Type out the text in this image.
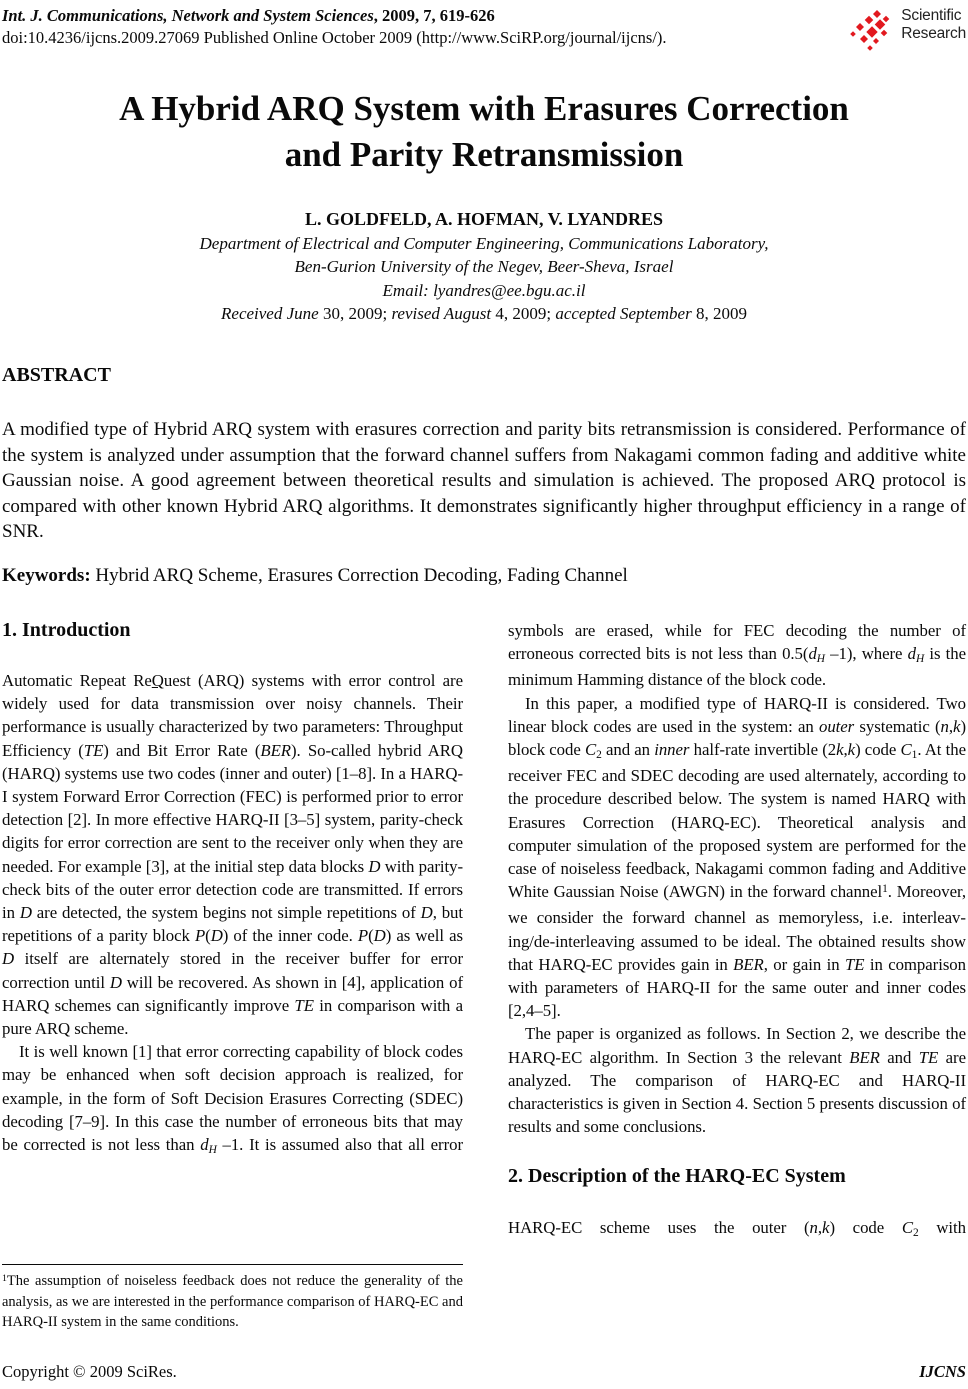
Int. J. Communications, Network and System Sciences, 2009, 7, 619-626
doi:10.4236/ijcns.2009.27069 Published Online October 2009 (http://www.SciRP.org/journal/ijcns/).
Scientific
Research
A Hybrid ARQ System with Erasures Correction
and Parity Retransmission
L. GOLDFELD, A. HOFMAN, V. LYANDRES
Department of Electrical and Computer Engineering, Communications Laboratory,
Ben-Gurion University of the Negev, Beer-Sheva, Israel
Email: lyandres@ee.bgu.ac.il
Received June 30, 2009; revised August 4, 2009; accepted September 8, 2009
ABSTRACT

A modified type of Hybrid ARQ system with erasures correction and parity bits retransmission is considered. Performance of the system is analyzed under assumption that the forward channel suffers from Nakagami common fading and additive white Gaussian noise. A good agreement between theoretical results and simulation is achieved. The proposed ARQ protocol is compared with other known Hybrid ARQ algorithms. It demonstrates significantly higher throughput efficiency in a range of SNR.

Keywords: Hybrid ARQ Scheme, Erasures Correction Decoding, Fading Channel

1. Introduction

Automatic Repeat ReQuest (ARQ) systems with error control are widely used for data transmission over noisy channels. Their performance is usually characterized by two parameters: Throughput Efficiency (TE) and Bit Error Rate (BER). So-called hybrid ARQ (HARQ) systems use two codes (inner and outer) [1–8]. In a HARQ-I system Forward Error Correction (FEC) is performed prior to error detection [2]. In more effective HARQ-II [3–5] system, parity-check digits for error correction are sent to the receiver only when they are needed. For example [3], at the initial step data blocks D with parity-check bits of the outer error detection code are transmitted. If errors in D are detected, the system begins not simple repetitions of D, but repetitions of a parity block P(D) of the inner code. P(D) as well as D itself are alternately stored in the receiver buffer for error correction until D will be recovered. As shown in [4], application of HARQ schemes can significantly improve TE in comparison with a pure ARQ scheme.

It is well known [1] that error correcting capability of block codes may be enhanced when soft decision approach is realized, for example, in the form of Soft Decision Erasures Correcting (SDEC) decoding [7–9]. In this case the number of erroneous bits that may be corrected is not less than dH –1. It is assumed also that all error

symbols are erased, while for FEC decoding the number of erroneous corrected bits is not less than 0.5(dH –1), where dH is the minimum Hamming distance of the block code.

In this paper, a modified type of HARQ-II is considered. Two linear block codes are used in the system: an outer systematic (n,k) block code C2 and an inner half-rate invertible (2k,k) code C1. At the receiver FEC and SDEC decoding are used alternately, according to the procedure described below. The system is named HARQ with Erasures Correction (HARQ-EC). Theoretical analysis and computer simulation of the proposed system are performed for the case of noiseless feedback, Nakagami common fading and Additive White Gaussian Noise (AWGN) in the forward channel$^1$. Moreover, we consider the forward channel as memoryless, i.e. interleaving/de-interleaving assumed to be ideal. The obtained results show that HARQ-EC provides gain in BER, or gain in TE in comparison with parameters of HARQ-II for the same outer and inner codes [2,4–5].

The paper is organized as follows. In Section 2, we describe the HARQ-EC algorithm. In Section 3 the relevant BER and TE are analyzed. The comparison of HARQ-EC and HARQ-II characteristics is given in Section 4. Section 5 presents discussion of results and some conclusions.

2. Description of the HARQ-EC System

HARQ-EC scheme uses the outer (n,k) code C2 with

$^1$The assumption of noiseless feedback does not reduce the generality of the analysis, as we are interested in the performance comparison of HARQ-EC and HARQ-II system in the same conditions.

Copyright © 2009 SciRes.	IJCNS
